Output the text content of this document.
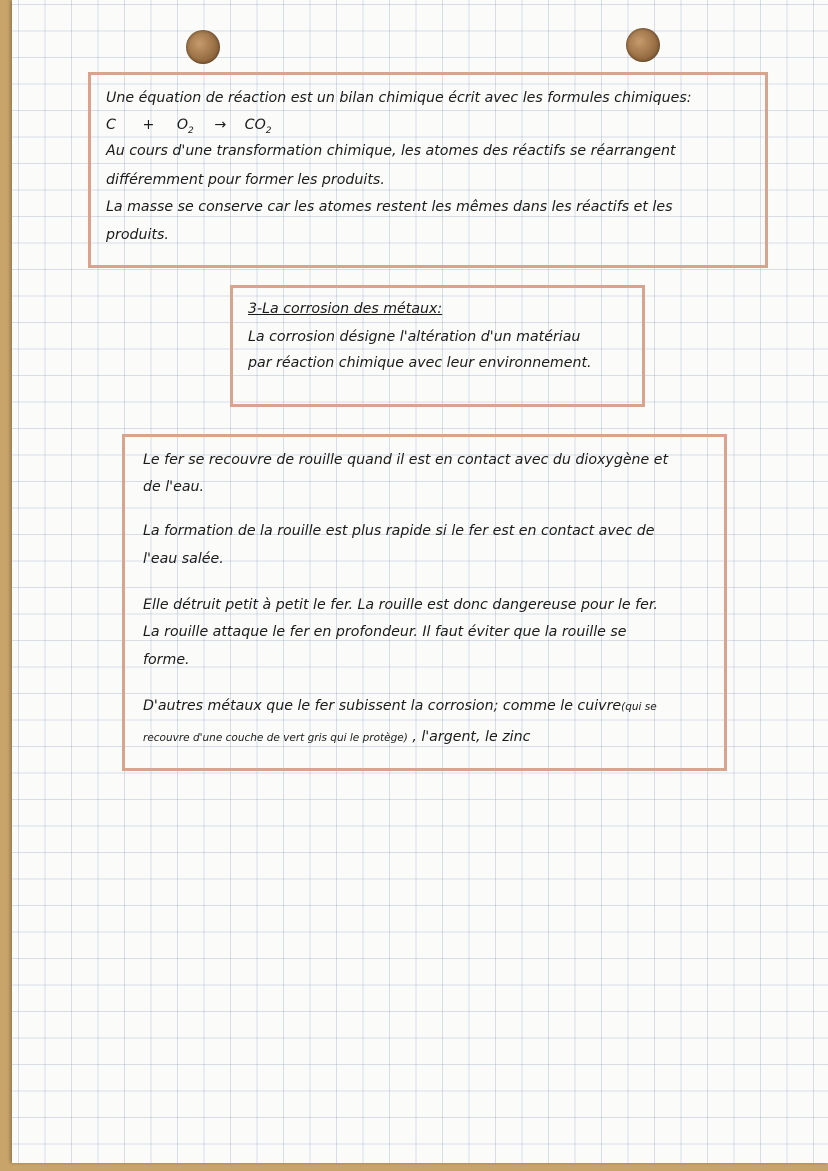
Une équation de réaction est un bilan chimique écrit avec les formules chimiques:
$C + O_2 \to CO_2$
Au cours d'une transformation chimique, les atomes des réactifs se réarrangent
différemment pour former les produits.
La masse se conserve car les atomes restent les mêmes dans les réactifs et les
produits.
3-La corrosion des métaux:
La corrosion désigne l'altération d'un matériau
par réaction chimique avec leur environnement.
Le fer se recouvre de rouille quand il est en contact avec du dioxygène et
de l'eau.
La formation de la rouille est plus rapide si le fer est en contact avec de
l'eau salée.
Elle détruit petit à petit le fer. La rouille est donc dangereuse pour le fer.
La rouille attaque le fer en profondeur. Il faut éviter que la rouille se
forme.
D'autres métaux que le fer subissent la corrosion; comme le cuivre(qui se
recouvre d'une couche de vert gris qui le protège) , l'argent, le zinc
